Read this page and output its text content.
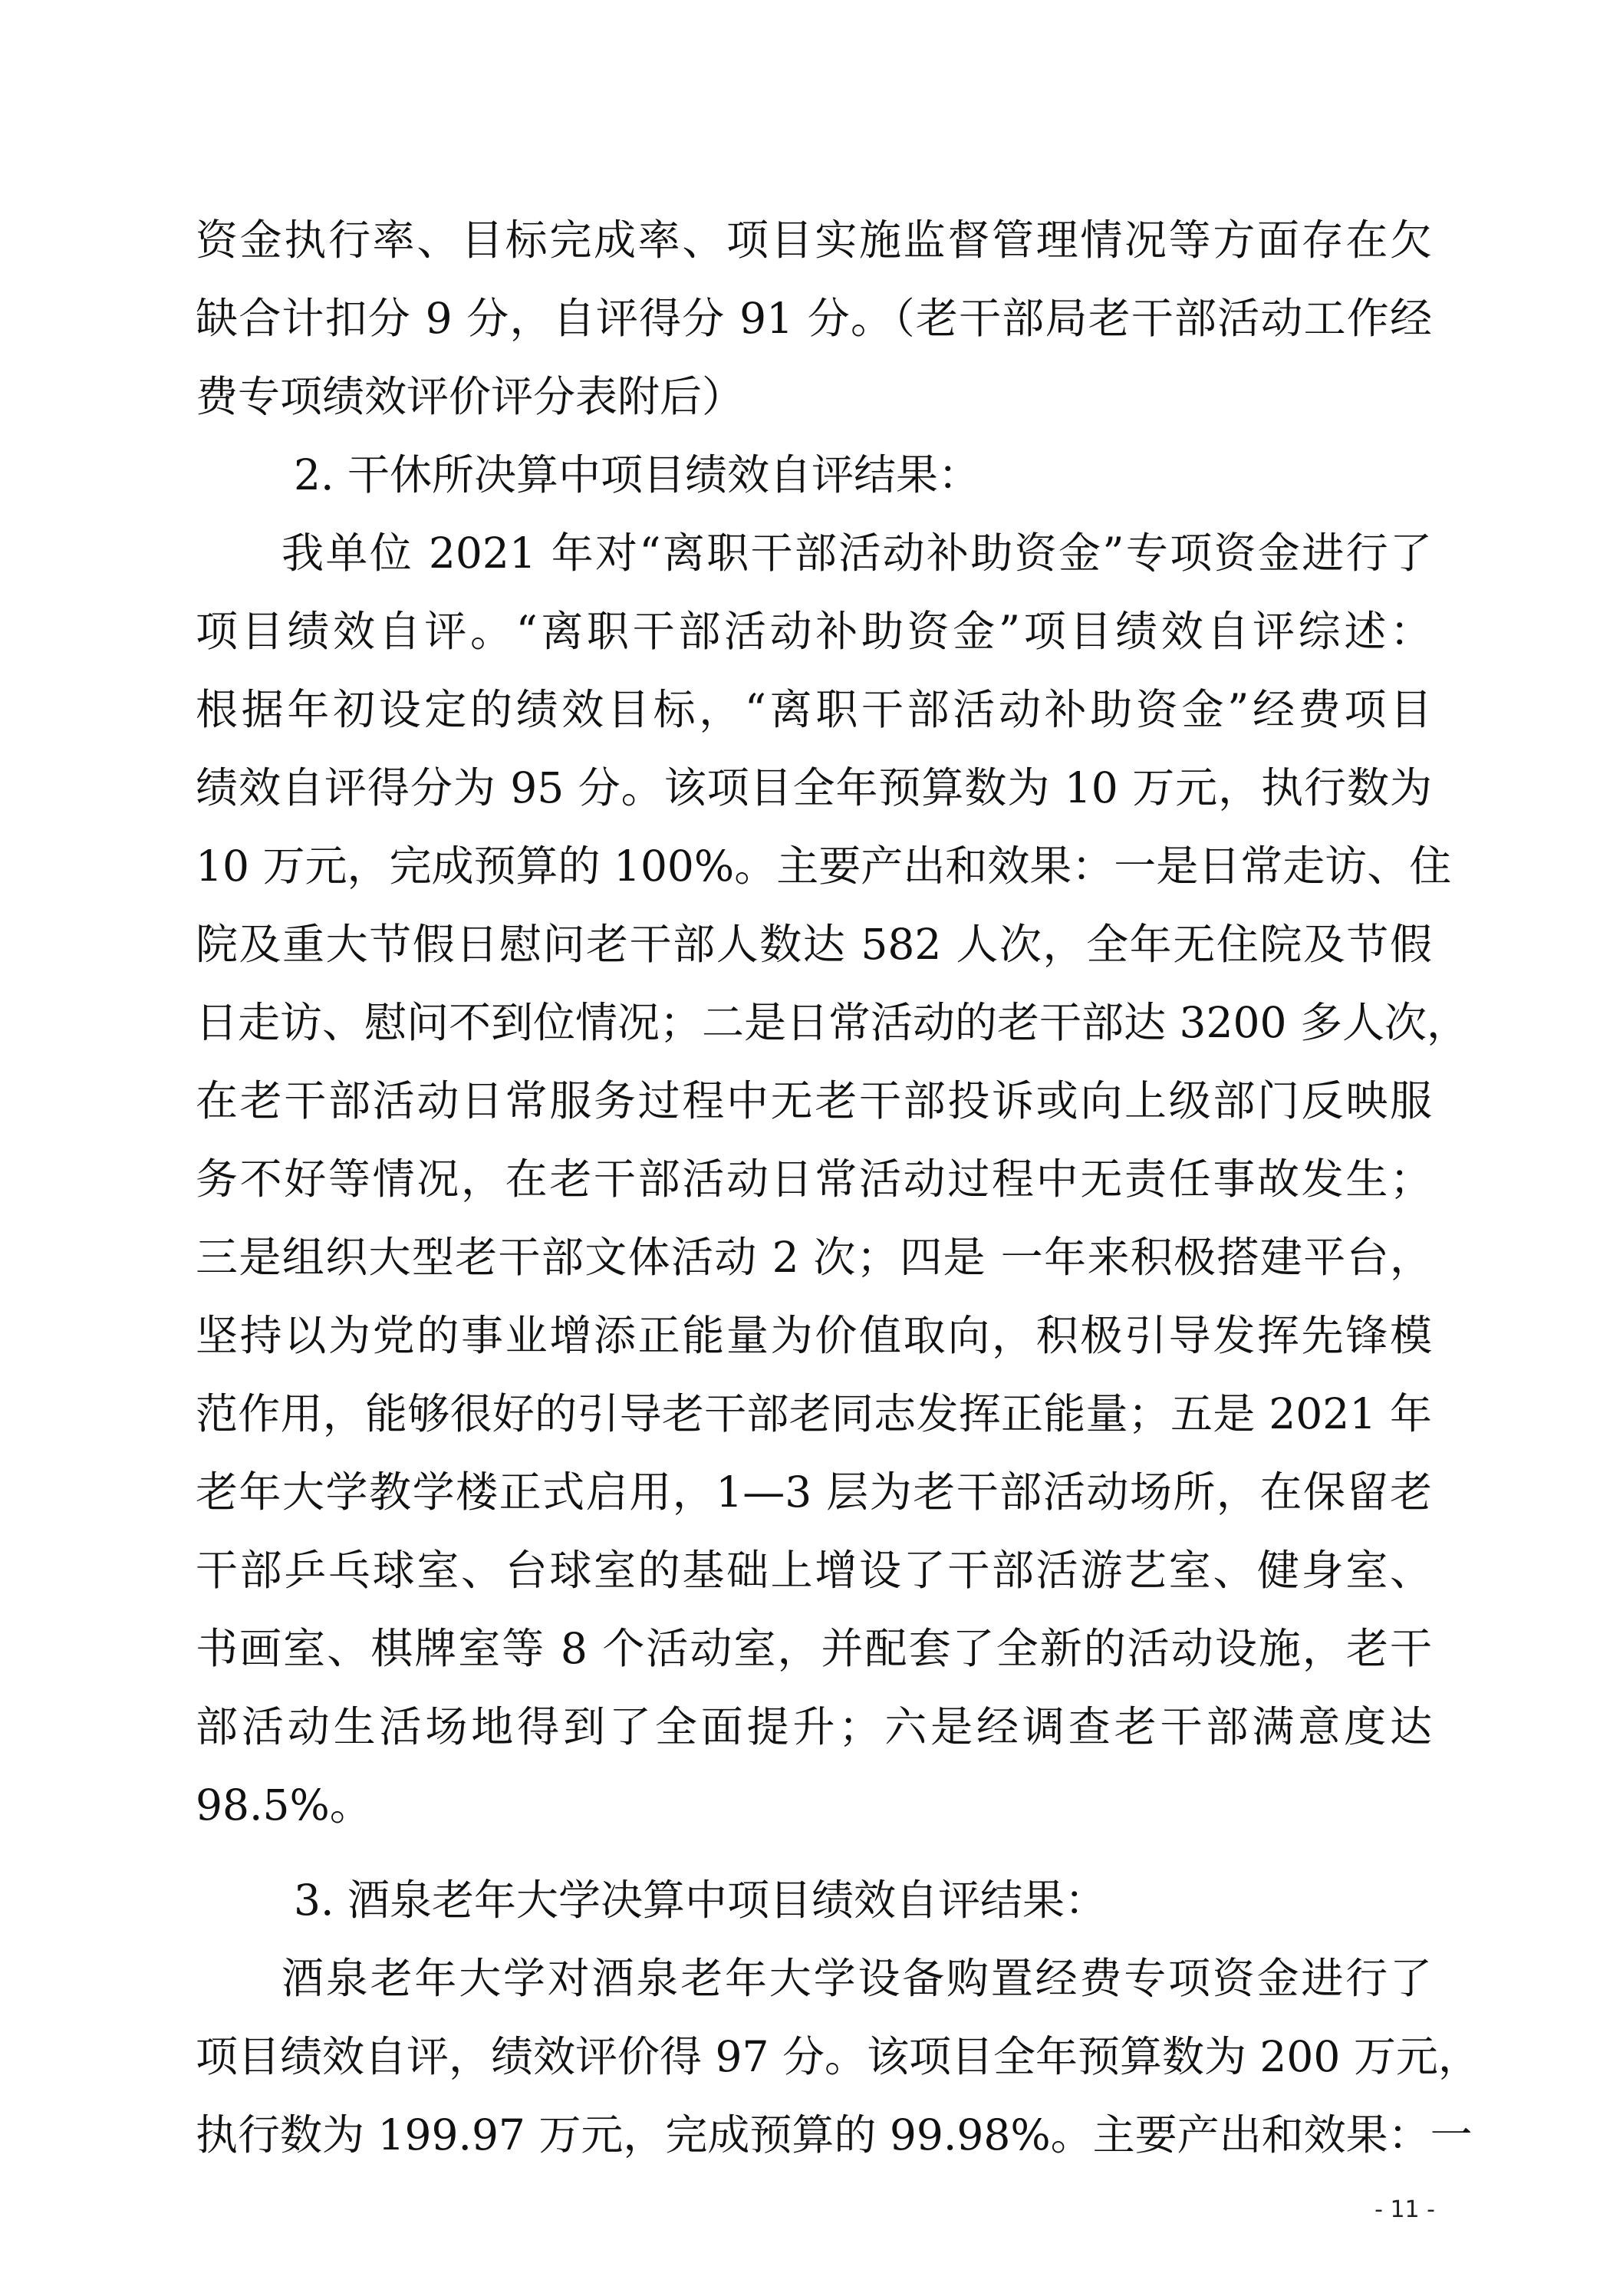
资金执行率、目标完成率、项目实施监督管理情况等方面存在欠
缺合计扣分 9 分，自评得分 91 分。（老干部局老干部活动工作经
费专项绩效评价评分表附后）
2. 干休所决算中项目绩效自评结果：
我单位 2021 年对“离职干部活动补助资金”专项资金进行了
项目绩效自评。“离职干部活动补助资金”项目绩效自评综述：
根据年初设定的绩效目标，“离职干部活动补助资金”经费项目
绩效自评得分为 95 分。该项目全年预算数为 10 万元，执行数为
10 万元，完成预算的 100%。主要产出和效果：一是日常走访、住
院及重大节假日慰问老干部人数达 582 人次，全年无住院及节假
日走访、慰问不到位情况；二是日常活动的老干部达 3200 多人次，
在老干部活动日常服务过程中无老干部投诉或向上级部门反映服
务不好等情况，在老干部活动日常活动过程中无责任事故发生；
三是组织大型老干部文体活动 2 次；四是 一年来积极搭建平台，
坚持以为党的事业增添正能量为价值取向，积极引导发挥先锋模
范作用，能够很好的引导老干部老同志发挥正能量；五是 2021 年
老年大学教学楼正式启用，1—3 层为老干部活动场所，在保留老
干部乒乓球室、台球室的基础上增设了干部活游艺室、健身室、
书画室、棋牌室等 8 个活动室，并配套了全新的活动设施，老干
部活动生活场地得到了全面提升；六是经调查老干部满意度达
98.5%。
3. 酒泉老年大学决算中项目绩效自评结果：
酒泉老年大学对酒泉老年大学设备购置经费专项资金进行了
项目绩效自评，绩效评价得 97 分。该项目全年预算数为 200 万元，
执行数为 199.97 万元，完成预算的 99.98%。主要产出和效果：一
- 11 -
